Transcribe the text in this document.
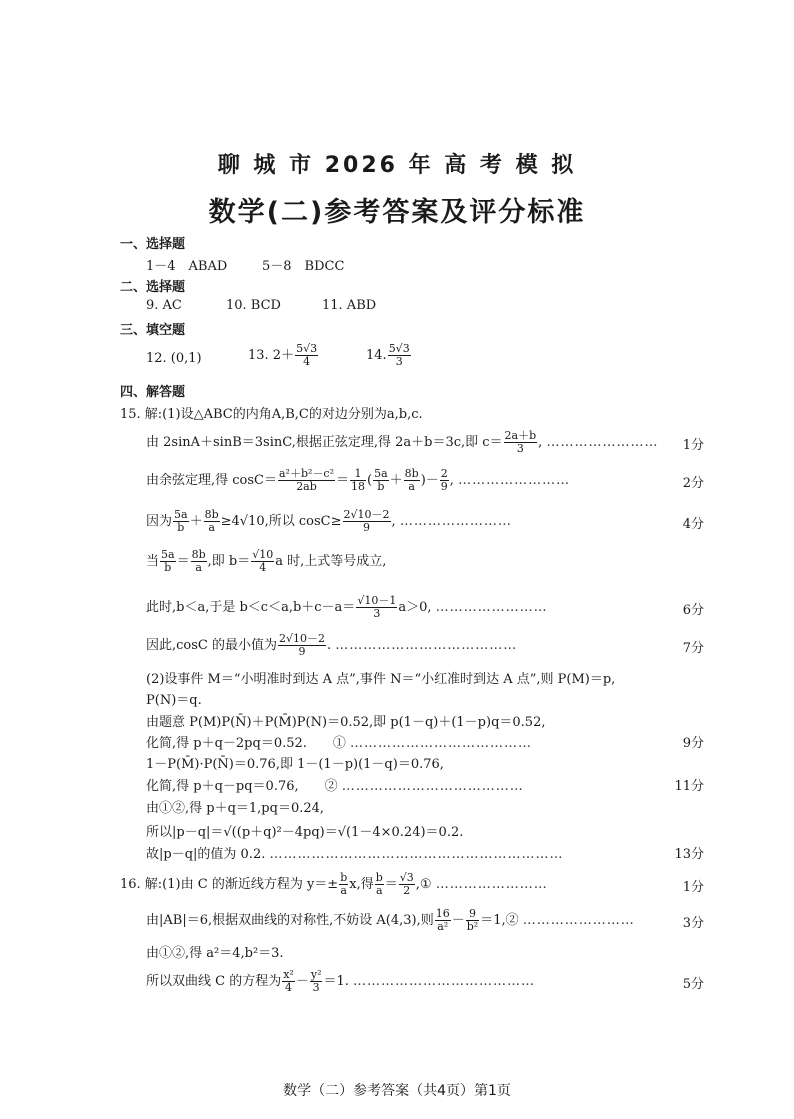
聊 城 市 2026 年 高 考 模 拟
数学(二)参考答案及评分标准
一、选择题
1－4　ABAD	5－8　BDCC
二、选择题
9. AC	10. BCD	11. ABD
三、填空题
12. (0,1)	13. $2+ \frac{5√3}{4}$	14. $\frac{5√3}{3}$
四、解答题
15. 解:(1)设△ABC的内角A,B,C的对边分别为a,b,c.
由 2sinA＋sinB＝3sinC,根据正弦定理,得 2a＋b＝3c,即 $c= \frac{2a+b}{3}$ , …………………… 1分
由余弦定理,得 $\cos C= \frac{\text{a²＋b²－c²}}{2ab} = \frac{1}{18}$ ( $\frac{5a}{b} + \frac{8b}{a}$ )－ $\frac{2}{9}$ , ……………………	2分
因为 $\frac{5a}{b} + \frac{8b}{a} \ge 4√10$,所以 $\cos C\ge \frac{2√10-2}{9}$ , ……………………	4分
当 $\frac{5a}{b} = \frac{8b}{a}$ ,即 $b= \frac{√10}{4}$ a 时,上式等号成立,
此时,b＜a,于是 $b<c<a,b+c-a= \frac{√10-1}{3} a>0$, ……………………	6分
因此,cosC 的最小值为 $\frac{2√10-2}{9}$ . …………………………………	7分
(2)设事件 M＝“小明准时到达 A 点”,事件 N＝“小红准时到达 A 点”,则 P(M)＝p,
P(N)＝q.
由题意 P(M)P(N̄)＋P(M̄)P(N)＝0.52,即 p(1－q)＋(1－p)q＝0.52,
化简,得 p＋q－2pq＝0.52.　　① …………………………………	9分
1－P(M̄)·P(N̄)＝0.76,即 1－(1－p)(1－q)＝0.76,
化简,得 p＋q－pq＝0.76,　　② …………………………………	11分
由①②,得 p＋q＝1,pq＝0.24,
所以|p－q|＝√((p＋q)²－4pq)＝√(1－4×0.24)＝0.2.
故|p－q|的值为 0.2. ………………………………………………………	13分
16. 解:(1)由 C 的渐近线方程为 $y=\pm \frac{b}{a} x$,得 $\frac{b}{a} = \frac{√3}{2}$ ,① ……………………	1分
由|AB|＝6,根据双曲线的对称性,不妨设 A(4,3),则 $\frac{16}{\text{a²}} - \frac{9}{\text{b²}}$ ＝1,② ……………………	3分
由①②,得 a²＝4,b²＝3.
所以双曲线 C 的方程为 $\frac{\text{x²}}{4} - \frac{\text{y²}}{3} =1$. …………………………………	5分
数学（二）参考答案（共4页）第1页
